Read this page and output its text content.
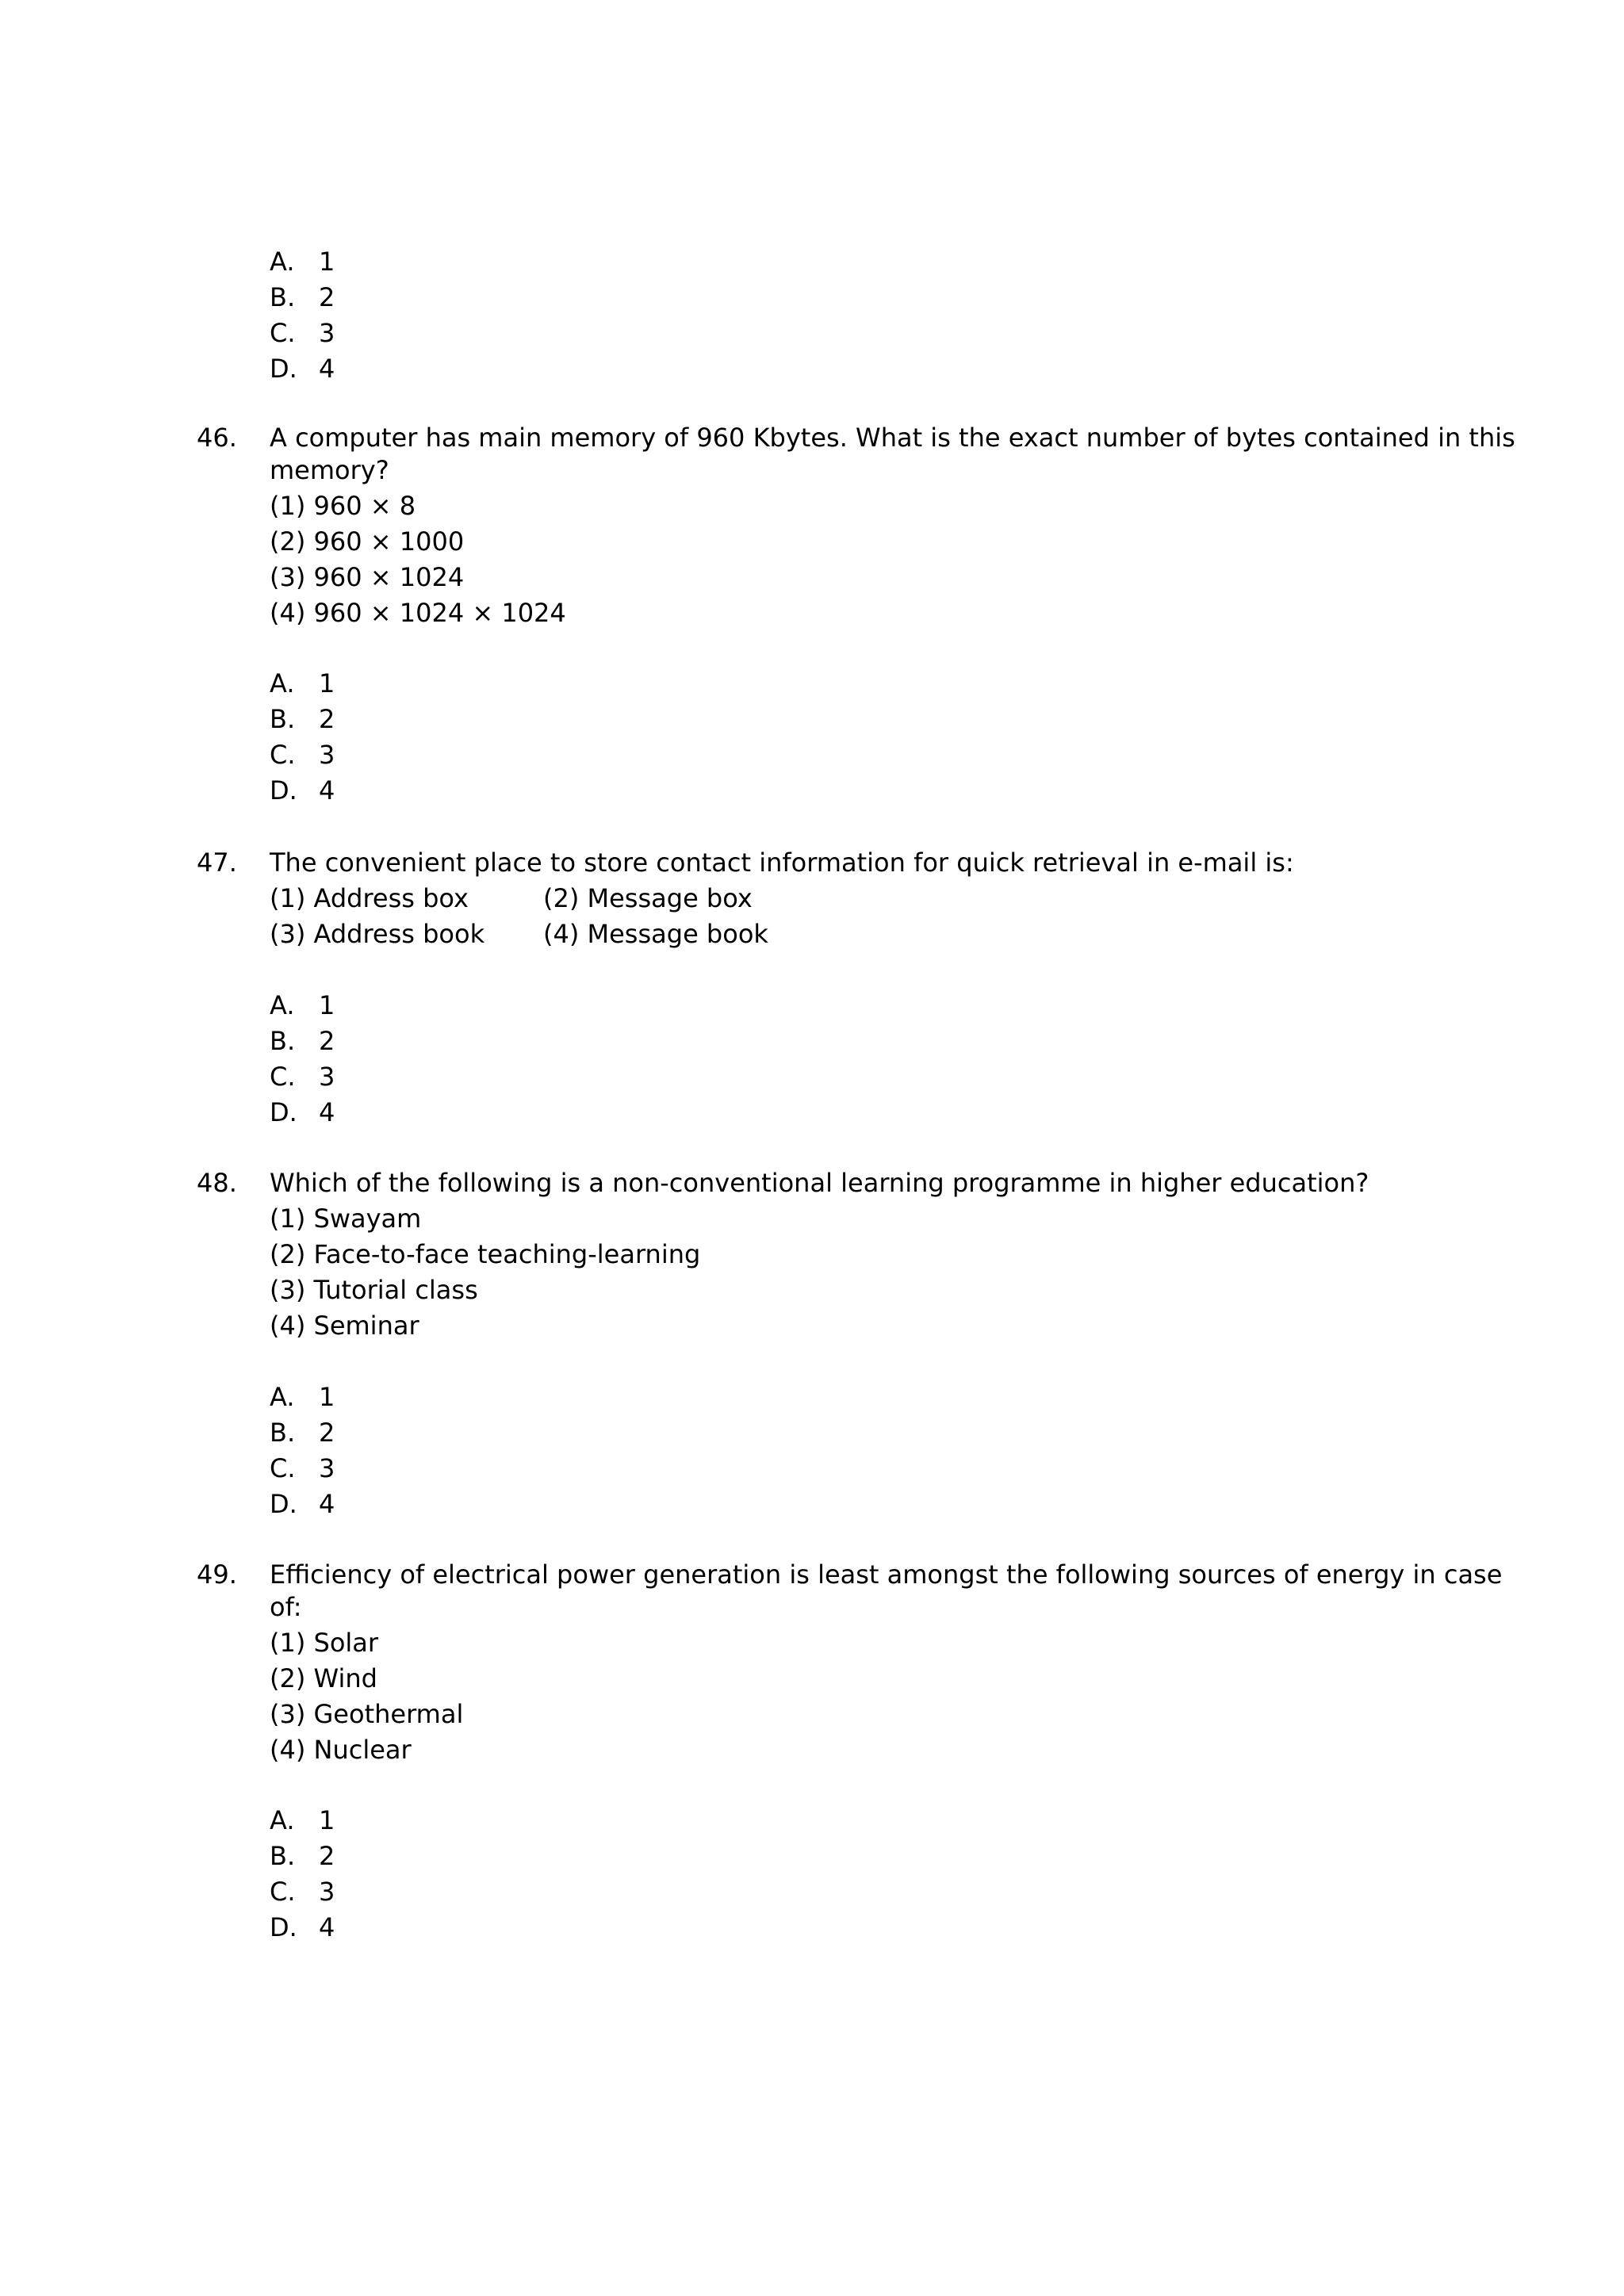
A. 1
B. 2
C. 3
D. 4
46. A computer has main memory of 960 Kbytes. What is the exact number of bytes contained in this
memory?
(1) 960 × 8
(2) 960 × 1000
(3) 960 × 1024
(4) 960 × 1024 × 1024
A. 1
B. 2
C. 3
D. 4
47. The convenient place to store contact information for quick retrieval in e-mail is:
(1) Address box	(2) Message box
(3) Address book	(4) Message book
A. 1
B. 2
C. 3
D. 4
48. Which of the following is a non-conventional learning programme in higher education?
(1) Swayam
(2) Face-to-face teaching-learning
(3) Tutorial class
(4) Seminar
A. 1
B. 2
C. 3
D. 4
49. Efficiency of electrical power generation is least amongst the following sources of energy in case
of:
(1) Solar
(2) Wind
(3) Geothermal
(4) Nuclear
A. 1
B. 2
C. 3
D. 4
